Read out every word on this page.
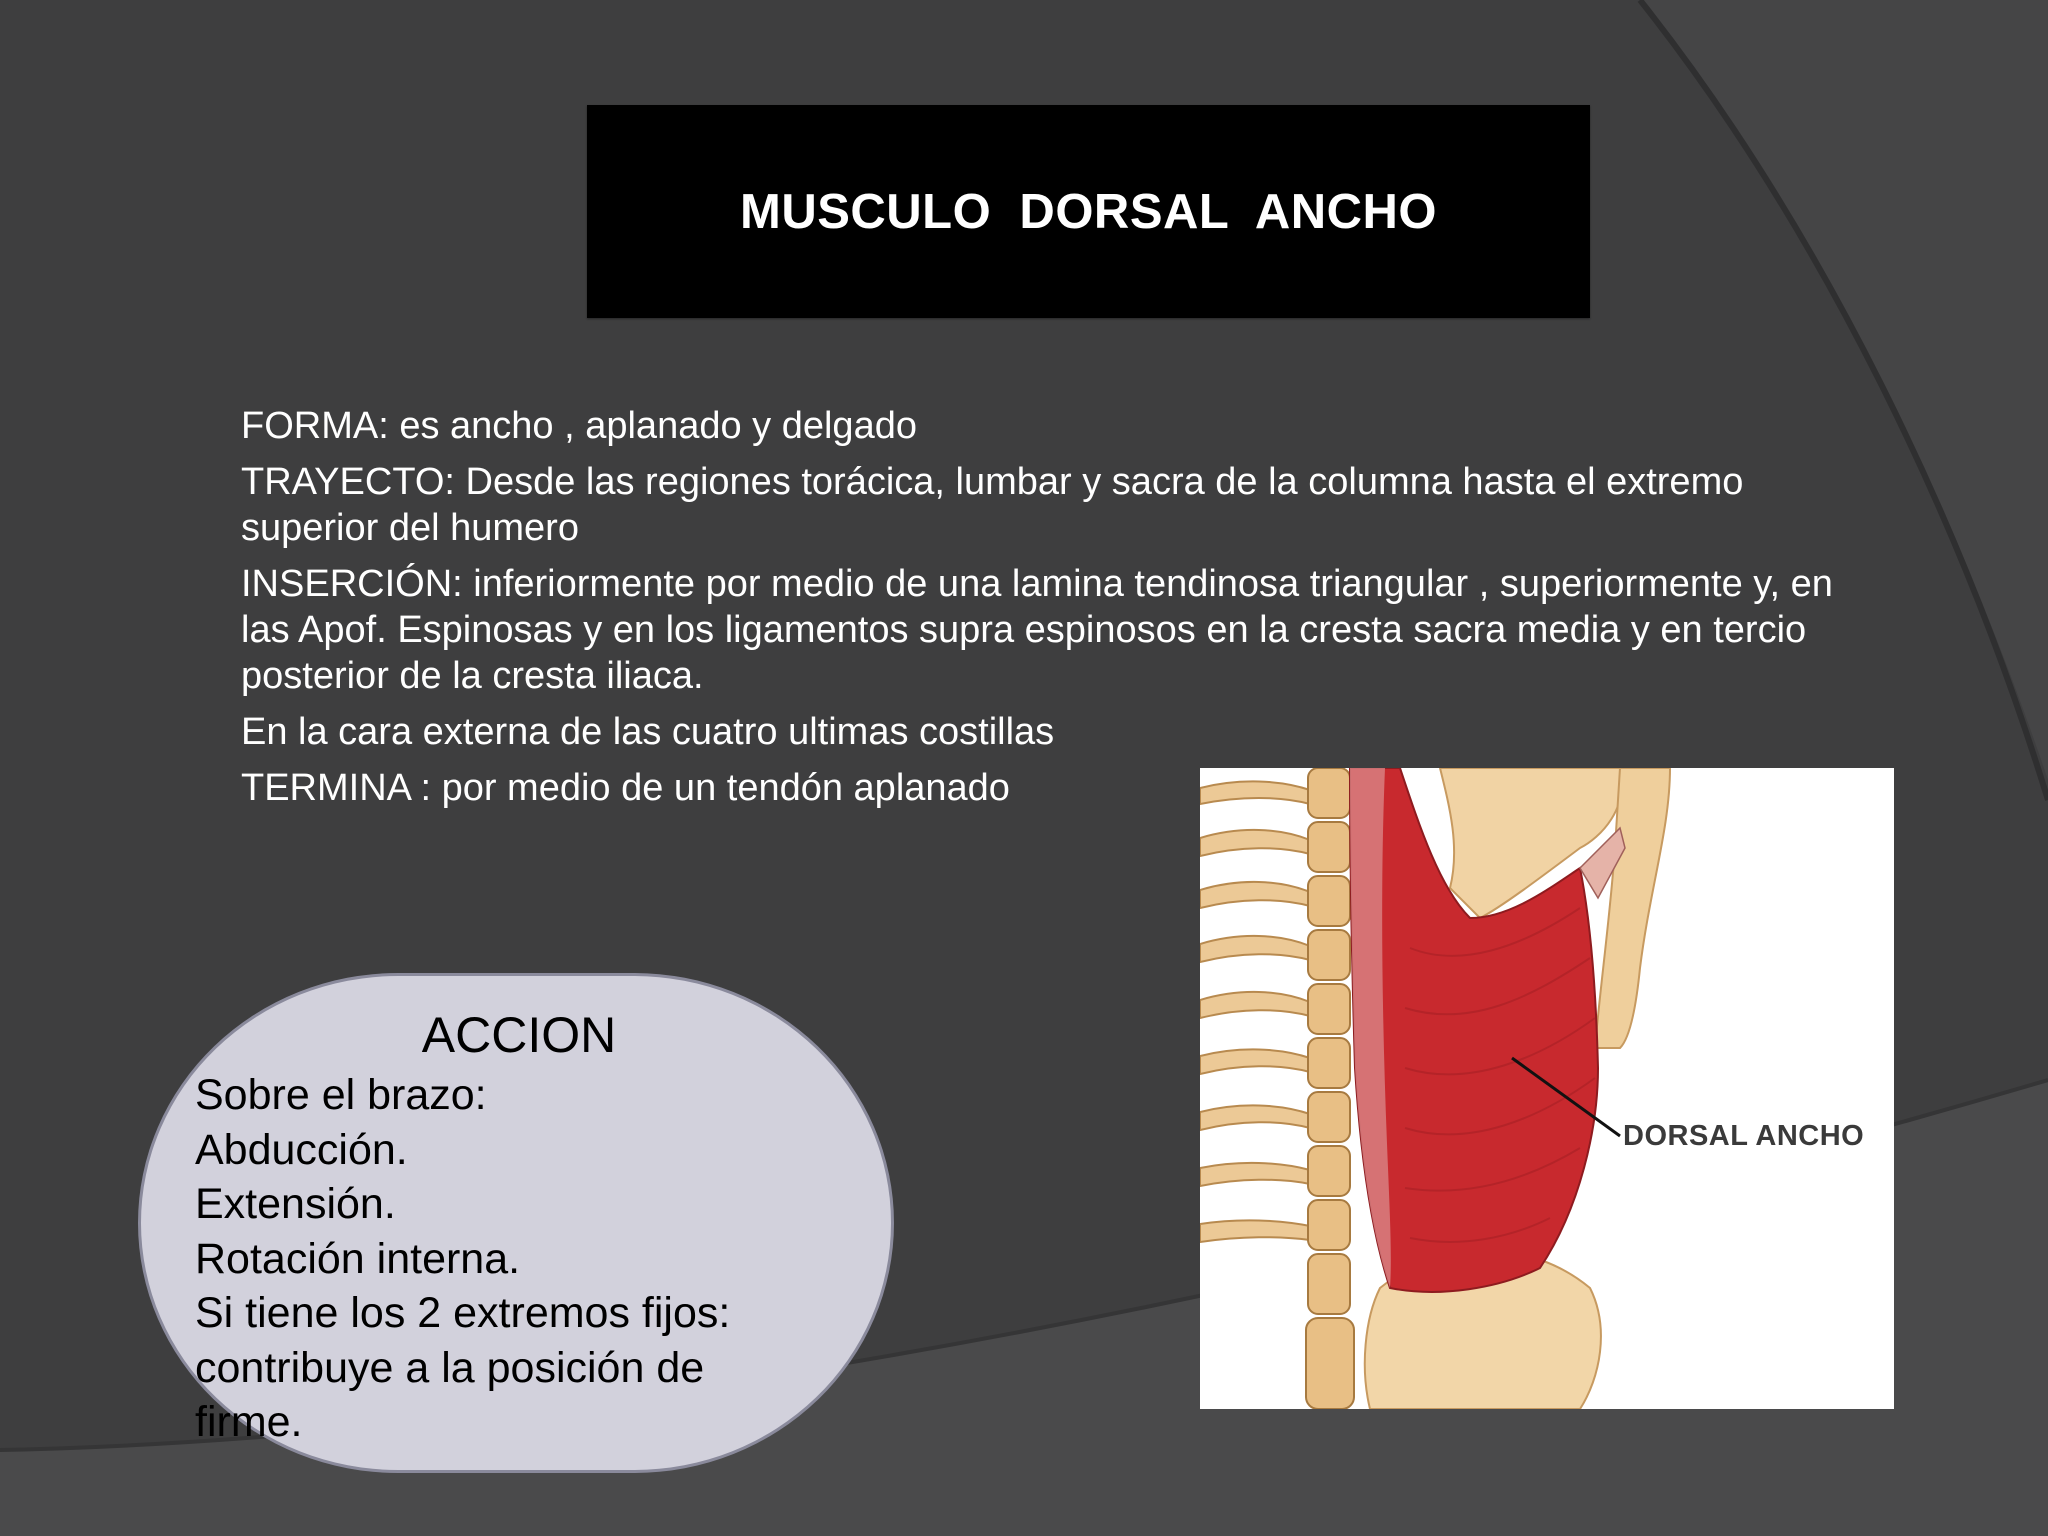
MUSCULO  DORSAL  ANCHO

FORMA: es ancho , aplanado y delgado

TRAYECTO: Desde las regiones torácica, lumbar y sacra de la columna hasta el extremo superior del humero

INSERCIÓN: inferiormente por medio de una lamina tendinosa triangular , superiormente y, en las Apof. Espinosas y en los ligamentos supra espinosos en la cresta sacra media y en tercio posterior de la cresta iliaca.

En la cara externa de las cuatro ultimas costillas

TERMINA : por medio de un tendón aplanado

ACCION
Sobre el brazo:
Abducción.
Extensión.
Rotación interna.
Si tiene los 2 extremos fijos:
contribuye a la posición de
firme.
DORSAL ANCHO
